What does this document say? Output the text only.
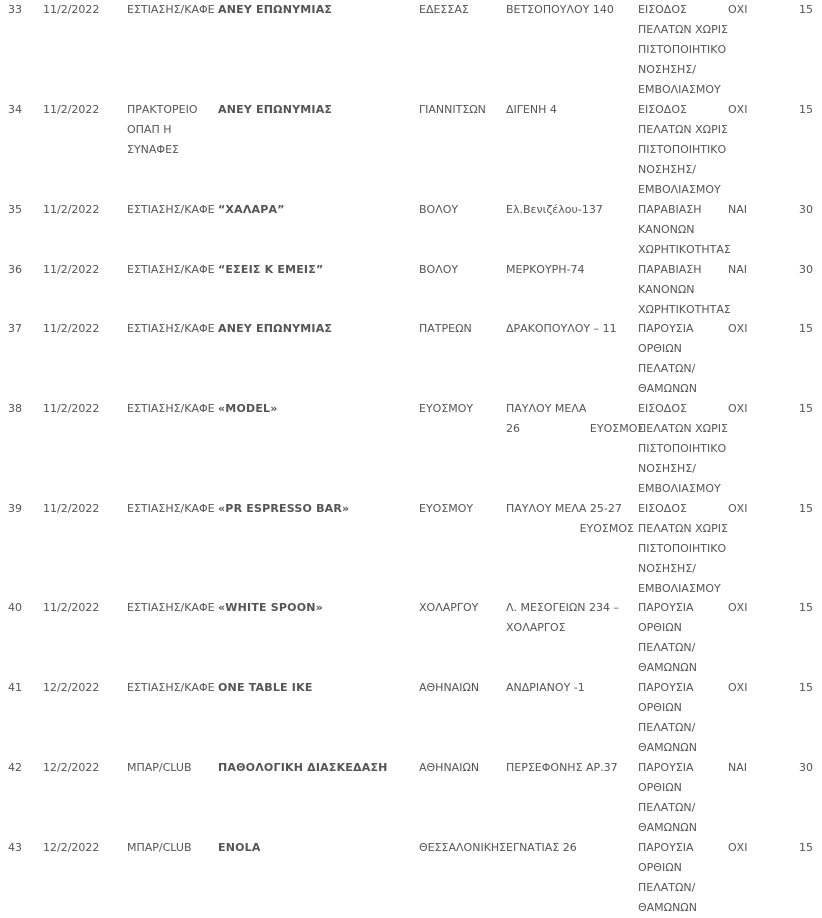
33	11/2/2022	ΕΣΤΙΑΣΗΣ/ΚΑΦΕ ΑΝΕΥ ΕΠΩΝΥΜΙΑΣ	ΕΔΕΣΣΑΣ	ΒΕΤΣΟΠΟΥΛΟΥ 140	ΕΙΣΟΔΟΣ
ΠΕΛΑΤΩΝ ΧΩΡΙΣ
ΠΙΣΤΟΠΟΙΗΤΙΚΟ
ΝΟΣΗΣΗΣ/
ΕΜΒΟΛΙΑΣΜΟΥ
ΟΧΙ	15
34	11/2/2022	ΠΡΑΚΤΟΡΕΙΟ
ΟΠΑΠ Η
ΣΥΝΑΦΕΣ
ΑΝΕΥ ΕΠΩΝΥΜΙΑΣ	ΓΙΑΝΝΙΤΣΩΝ	ΔΙΓΕΝΗ 4	ΕΙΣΟΔΟΣ
ΠΕΛΑΤΩΝ ΧΩΡΙΣ
ΠΙΣΤΟΠΟΙΗΤΙΚΟ
ΝΟΣΗΣΗΣ/
ΕΜΒΟΛΙΑΣΜΟΥ
ΟΧΙ	15
35	11/2/2022	ΕΣΤΙΑΣΗΣ/ΚΑΦΕ “ΧΑΛΑΡΑ”	ΒΟΛΟΥ	Ελ.Βενιζέλου-137	ΠΑΡΑΒΙΑΣΗ
ΚΑΝΟΝΩΝ
ΧΩΡΗΤΙΚΟΤΗΤΑΣ
ΝΑΙ	30
36	11/2/2022	ΕΣΤΙΑΣΗΣ/ΚΑΦΕ “ΕΣΕΙΣ Κ ΕΜΕΙΣ”	ΒΟΛΟΥ	ΜΕΡΚΟΥΡΗ-74	ΠΑΡΑΒΙΑΣΗ
ΚΑΝΟΝΩΝ
ΧΩΡΗΤΙΚΟΤΗΤΑΣ
ΝΑΙ	30
37	11/2/2022	ΕΣΤΙΑΣΗΣ/ΚΑΦΕ ΑΝΕΥ ΕΠΩΝΥΜΙΑΣ	ΠΑΤΡΕΩΝ	ΔΡΑΚΟΠΟΥΛΟΥ – 11	ΠΑΡΟΥΣΙΑ
ΟΡΘΙΩΝ
ΠΕΛΑΤΩΝ/
ΘΑΜΩΝΩΝ
ΟΧΙ	15
38	11/2/2022	ΕΣΤΙΑΣΗΣ/ΚΑΦΕ «MODEL»	ΕΥΟΣΜΟΥ	ΠΑΥΛΟΥ ΜΕΛΑ
26                    ΕΥΟΣΜΟΣ
ΕΙΣΟΔΟΣ
ΠΕΛΑΤΩΝ ΧΩΡΙΣ
ΠΙΣΤΟΠΟΙΗΤΙΚΟ
ΝΟΣΗΣΗΣ/
ΕΜΒΟΛΙΑΣΜΟΥ
ΟΧΙ	15
39	11/2/2022	ΕΣΤΙΑΣΗΣ/ΚΑΦΕ «PR ESPRESSO BAR»	ΕΥΟΣΜΟΥ	ΠΑΥΛΟΥ ΜΕΛΑ 25-27
ΕΥΟΣΜΟΣ
ΕΙΣΟΔΟΣ
ΠΕΛΑΤΩΝ ΧΩΡΙΣ
ΠΙΣΤΟΠΟΙΗΤΙΚΟ
ΝΟΣΗΣΗΣ/
ΕΜΒΟΛΙΑΣΜΟΥ
ΟΧΙ	15
40	11/2/2022	ΕΣΤΙΑΣΗΣ/ΚΑΦΕ «WHITE SPOON»	ΧΟΛΑΡΓΟΥ	Λ. ΜΕΣΟΓΕΙΩΝ 234 –
ΧΟΛΑΡΓΟΣ
ΠΑΡΟΥΣΙΑ
ΟΡΘΙΩΝ
ΠΕΛΑΤΩΝ/
ΘΑΜΩΝΩΝ
ΟΧΙ	15
41	12/2/2022	ΕΣΤΙΑΣΗΣ/ΚΑΦΕ ONE TABLE IKE	ΑΘΗΝΑΙΩΝ	ΑΝΔΡΙΑΝΟΥ -1	ΠΑΡΟΥΣΙΑ
ΟΡΘΙΩΝ
ΠΕΛΑΤΩΝ/
ΘΑΜΩΝΩΝ
ΟΧΙ	15
42	12/2/2022	ΜΠΑΡ/CLUB	ΠΑΘΟΛΟΓΙΚΗ ΔΙΑΣΚΕΔΑΣΗ	ΑΘΗΝΑΙΩΝ	ΠΕΡΣΕΦΟΝΗΣ ΑΡ.37	ΠΑΡΟΥΣΙΑ
ΟΡΘΙΩΝ
ΠΕΛΑΤΩΝ/
ΘΑΜΩΝΩΝ
ΝΑΙ	30
43	12/2/2022	ΜΠΑΡ/CLUB	ENOLA	ΘΕΣΣΑΛΟΝΙΚΗΣ ΕΓΝΑΤΙΑΣ 26	ΠΑΡΟΥΣΙΑ
ΟΡΘΙΩΝ
ΠΕΛΑΤΩΝ/
ΘΑΜΩΝΩΝ
ΟΧΙ	15
